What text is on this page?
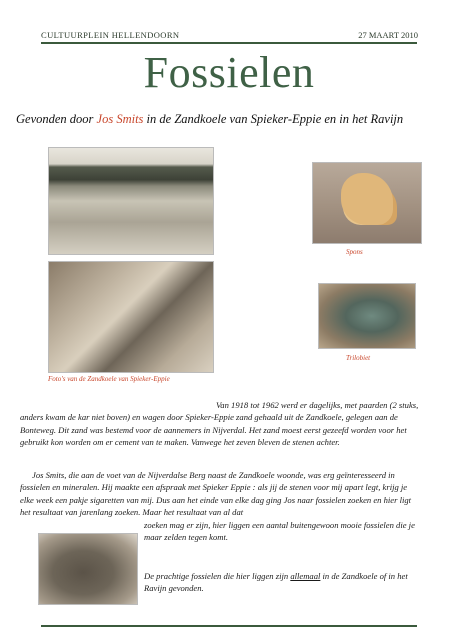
CULTUURPLEIN HELLENDOORN	27 MAART 2010
Fossielen
Gevonden door Jos Smits in de Zandkoele van Spieker-Eppie en in het Ravijn
Foto's van de Zandkoele van Spieker-Eppie
Spons
Trilobiet
Van 1918 tot 1962 werd er dagelijks, met paarden (2 stuks, anders kwam de kar niet boven) en wagen door Spieker-Eppie zand gehaald uit de Zandkoele, gelegen aan de Bonteweg. Dit zand was bestemd voor de aannemers in Nijverdal. Het zand moest eerst gezeefd worden voor het gebruikt kon worden om er cement van te maken. Vanwege het zeven bleven de stenen achter.
Jos Smits, die aan de voet van de Nijverdalse Berg naast de Zandkoele woonde, was erg geïnteresseerd in fossielen en mineralen. Hij maakte een afspraak met Spieker Eppie : als jij de stenen voor mij apart legt, krijg je elke week een pakje sigaretten van mij. Dus aan het einde van elke dag ging Jos naar fossielen zoeken en hier ligt het resultaat van jarenlang zoeken. Maar het resultaat van al dat
zoeken mag er zijn, hier liggen een aantal buitengewoon mooie fossielen die je maar zelden tegen komt.
De prachtige fossielen die hier liggen zijn allemaal in de Zandkoele of in het Ravijn gevonden.
